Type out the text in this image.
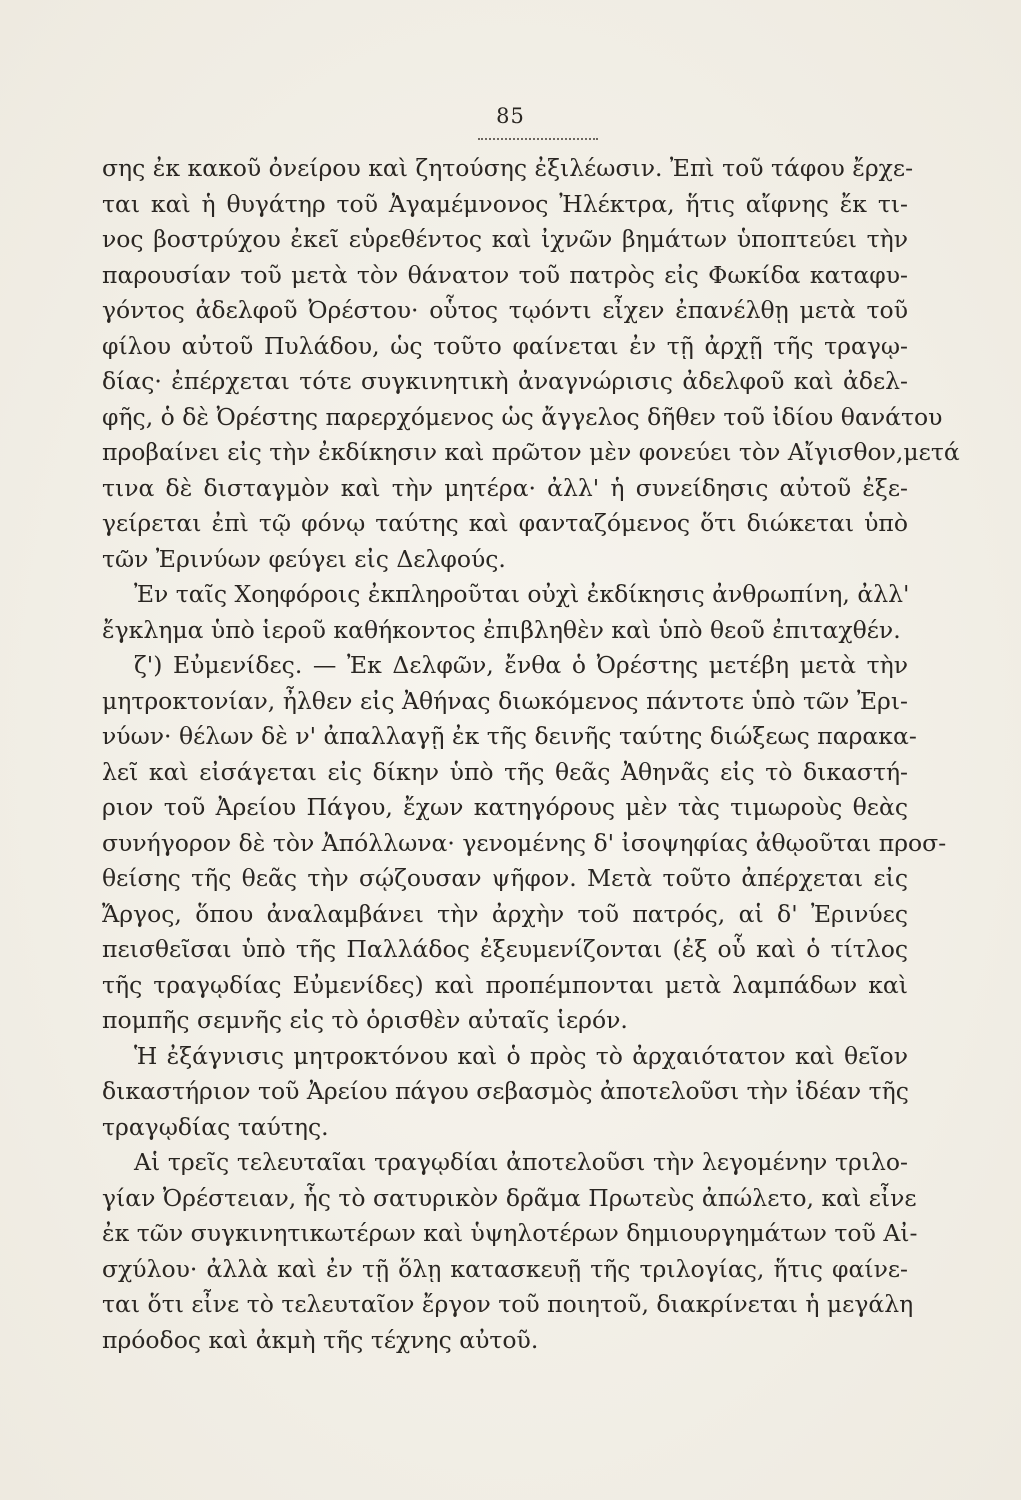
85
σης ἐκ κακοῦ ὀνείρου καὶ ζητούσης ἐξιλέωσιν. Ἐπὶ τοῦ τάφου ἔρχε-
ται καὶ ἡ θυγάτηρ τοῦ Ἀγαμέμνονος Ἠλέκτρα, ἥτις αἴφνης ἔκ τι-
νος βοστρύχου ἐκεῖ εὑρεθέντος καὶ ἰχνῶν βημάτων ὑποπτεύει τὴν
παρουσίαν τοῦ μετὰ τὸν θάνατον τοῦ πατρὸς εἰς Φωκίδα καταφυ-
γόντος ἀδελφοῦ Ὀρέστου· οὗτος τῳόντι εἶχεν ἐπανέλθῃ μετὰ τοῦ
φίλου αὐτοῦ Πυλάδου, ὡς τοῦτο φαίνεται ἐν τῇ ἀρχῇ τῆς τραγῳ-
δίας· ἐπέρχεται τότε συγκινητικὴ ἀναγνώρισις ἀδελφοῦ καὶ ἀδελ-
φῆς, ὁ δὲ Ὀρέστης παρερχόμενος ὡς ἄγγελος δῆθεν τοῦ ἰδίου θανάτου
προβαίνει εἰς τὴν ἐκδίκησιν καὶ πρῶτον μὲν φονεύει τὸν Αἴγισθον,μετά
τινα δὲ δισταγμὸν καὶ τὴν μητέρα· ἀλλ' ἡ συνείδησις αὐτοῦ ἐξε-
γείρεται ἐπὶ τῷ φόνῳ ταύτης καὶ φανταζόμενος ὅτι διώκεται ὑπὸ
τῶν Ἐρινύων φεύγει εἰς Δελφούς.
Ἐν ταῖς Χοηφόροις ἐκπληροῦται οὐχὶ ἐκδίκησις ἀνθρωπίνη, ἀλλ'
ἔγκλημα ὑπὸ ἱεροῦ καθήκοντος ἐπιβληθὲν καὶ ὑπὸ θεοῦ ἐπιταχθέν.
ζ') Εὐμενίδες. — Ἐκ Δελφῶν, ἔνθα ὁ Ὀρέστης μετέβη μετὰ τὴν
μητροκτονίαν, ἦλθεν εἰς Ἀθήνας διωκόμενος πάντοτε ὑπὸ τῶν Ἐρι-
νύων· θέλων δὲ ν' ἀπαλλαγῇ ἐκ τῆς δεινῆς ταύτης διώξεως παρακα-
λεῖ καὶ εἰσάγεται εἰς δίκην ὑπὸ τῆς θεᾶς Ἀθηνᾶς εἰς τὸ δικαστή-
ριον τοῦ Ἀρείου Πάγου, ἔχων κατηγόρους μὲν τὰς τιμωροὺς θεὰς
συνήγορον δὲ τὸν Ἀπόλλωνα· γενομένης δ' ἰσοψηφίας ἀθῳοῦται προσ-
θείσης τῆς θεᾶς τὴν σῴζουσαν ψῆφον. Μετὰ τοῦτο ἀπέρχεται εἰς
Ἄργος, ὅπου ἀναλαμβάνει τὴν ἀρχὴν τοῦ πατρός, αἱ δ' Ἐρινύες
πεισθεῖσαι ὑπὸ τῆς Παλλάδος ἐξευμενίζονται (ἐξ οὗ καὶ ὁ τίτλος
τῆς τραγῳδίας Εὐμενίδες) καὶ προπέμπονται μετὰ λαμπάδων καὶ
πομπῆς σεμνῆς εἰς τὸ ὁρισθὲν αὐταῖς ἱερόν.
Ἡ ἐξάγνισις μητροκτόνου καὶ ὁ πρὸς τὸ ἀρχαιότατον καὶ θεῖον
δικαστήριον τοῦ Ἀρείου πάγου σεβασμὸς ἀποτελοῦσι τὴν ἰδέαν τῆς
τραγῳδίας ταύτης.
Αἱ τρεῖς τελευταῖαι τραγῳδίαι ἀποτελοῦσι τὴν λεγομένην τριλο-
γίαν Ὀρέστειαν, ἧς τὸ σατυρικὸν δρᾶμα Πρωτεὺς ἀπώλετο, καὶ εἶνε
ἐκ τῶν συγκινητικωτέρων καὶ ὑψηλοτέρων δημιουργημάτων τοῦ Αἰ-
σχύλου· ἀλλὰ καὶ ἐν τῇ ὅλῃ κατασκευῇ τῆς τριλογίας, ἥτις φαίνε-
ται ὅτι εἶνε τὸ τελευταῖον ἔργον τοῦ ποιητοῦ, διακρίνεται ἡ μεγάλη
πρόοδος καὶ ἀκμὴ τῆς τέχνης αὐτοῦ.
